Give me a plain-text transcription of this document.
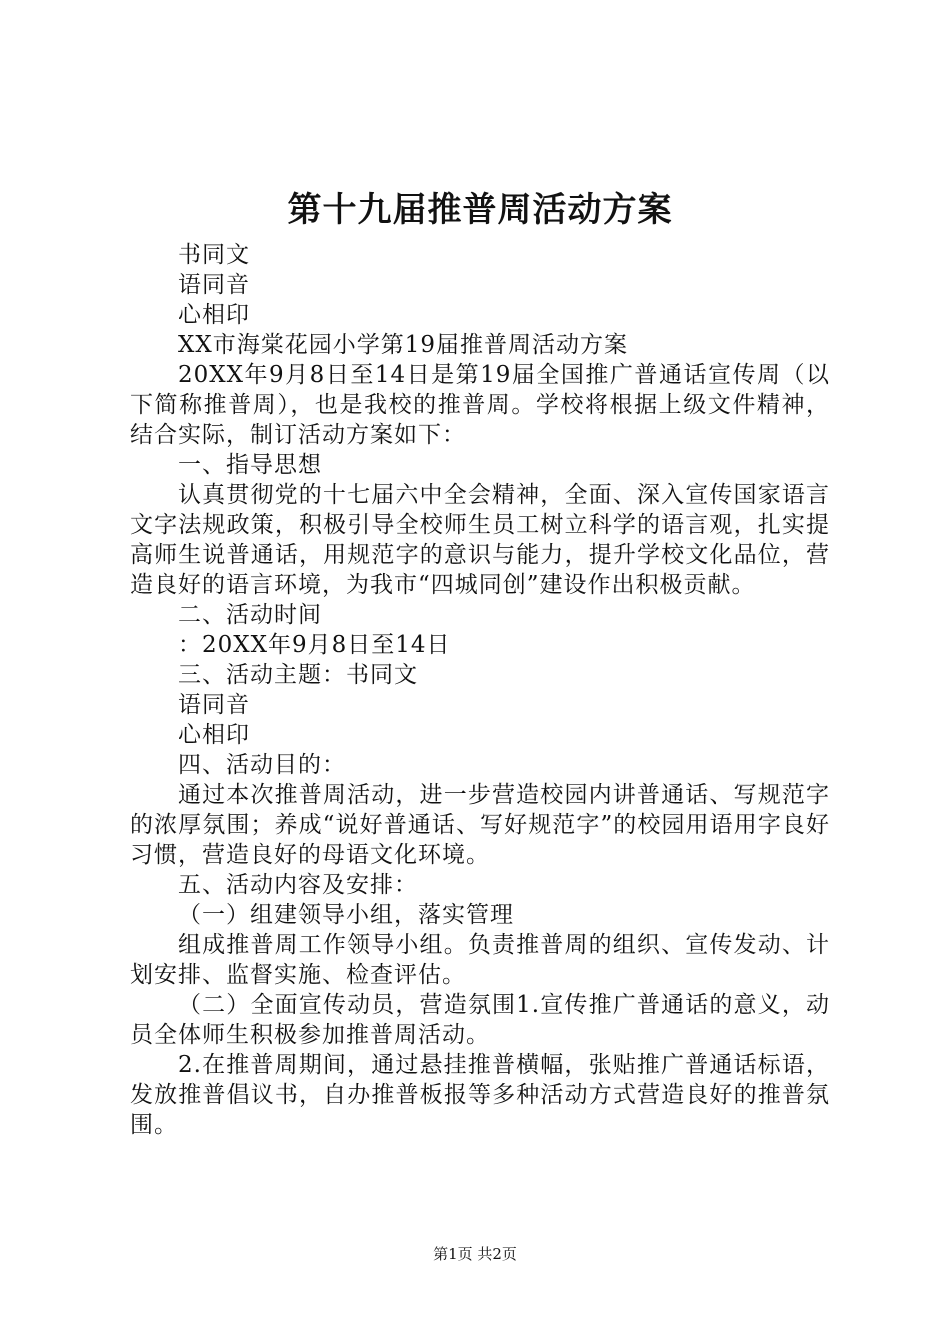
第十九届推普周活动方案

书同文

语同音

心相印

XX市海棠花园小学第19届推普周活动方案

20XX年9月8日至14日是第19届全国推广普通话宣传周（以下简称推普周），也是我校的推普周。学校将根据上级文件精神，结合实际，制订活动方案如下：

一、指导思想

认真贯彻党的十七届六中全会精神，全面、深入宣传国家语言文字法规政策，积极引导全校师生员工树立科学的语言观，扎实提高师生说普通话，用规范字的意识与能力，提升学校文化品位，营造良好的语言环境，为我市“四城同创”建设作出积极贡献。

二、活动时间

：20XX年9月8日至14日

三、活动主题：书同文

语同音

心相印

四、活动目的：

通过本次推普周活动，进一步营造校园内讲普通话、写规范字的浓厚氛围；养成“说好普通话、写好规范字”的校园用语用字良好习惯，营造良好的母语文化环境。

五、活动内容及安排：

（一）组建领导小组，落实管理

组成推普周工作领导小组。负责推普周的组织、宣传发动、计划安排、监督实施、检查评估。

（二）全面宣传动员，营造氛围1.宣传推广普通话的意义，动员全体师生积极参加推普周活动。

2.在推普周期间，通过悬挂推普横幅，张贴推广普通话标语，发放推普倡议书，自办推普板报等多种活动方式营造良好的推普氛围。

第1页 共2页
